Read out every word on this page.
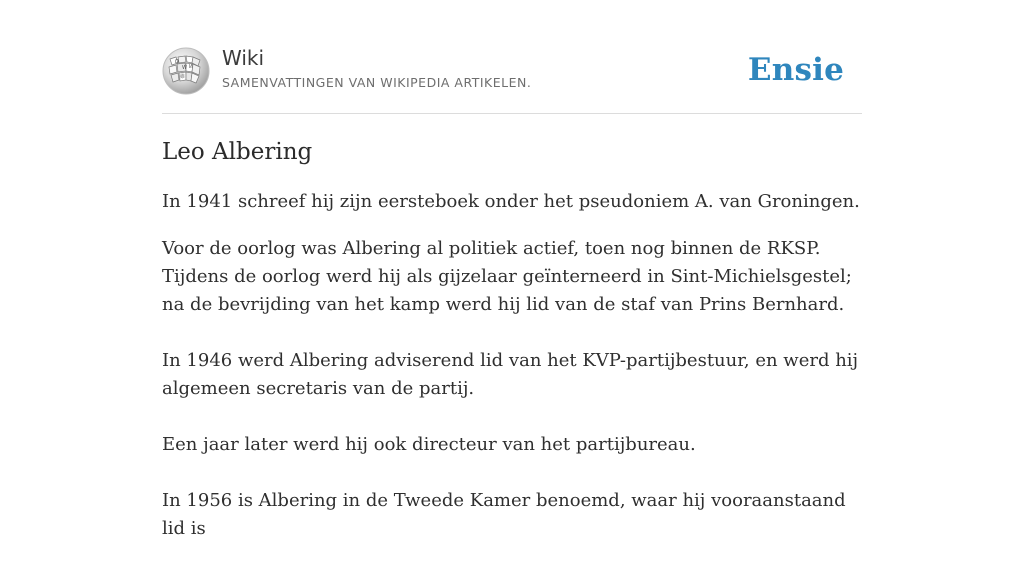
Ω
W И
維
Wiki
SAMENVATTINGEN VAN WIKIPEDIA ARTIKELEN.	Ensie
Leo Albering

In 1941 schreef hij zijn eersteboek onder het pseudoniem A. van Groningen.

Voor de oorlog was Albering al politiek actief, toen nog binnen de RKSP. Tijdens de oorlog werd hij als gijzelaar geïnterneerd in Sint-Michielsgestel; na de bevrijding van het kamp werd hij lid van de staf van Prins Bernhard.

In 1946 werd Albering adviserend lid van het KVP-partijbestuur, en werd hij algemeen secretaris van de partij.

Een jaar later werd hij ook directeur van het partijbureau.

In 1956 is Albering in de Tweede Kamer benoemd, waar hij vooraanstaand lid is
